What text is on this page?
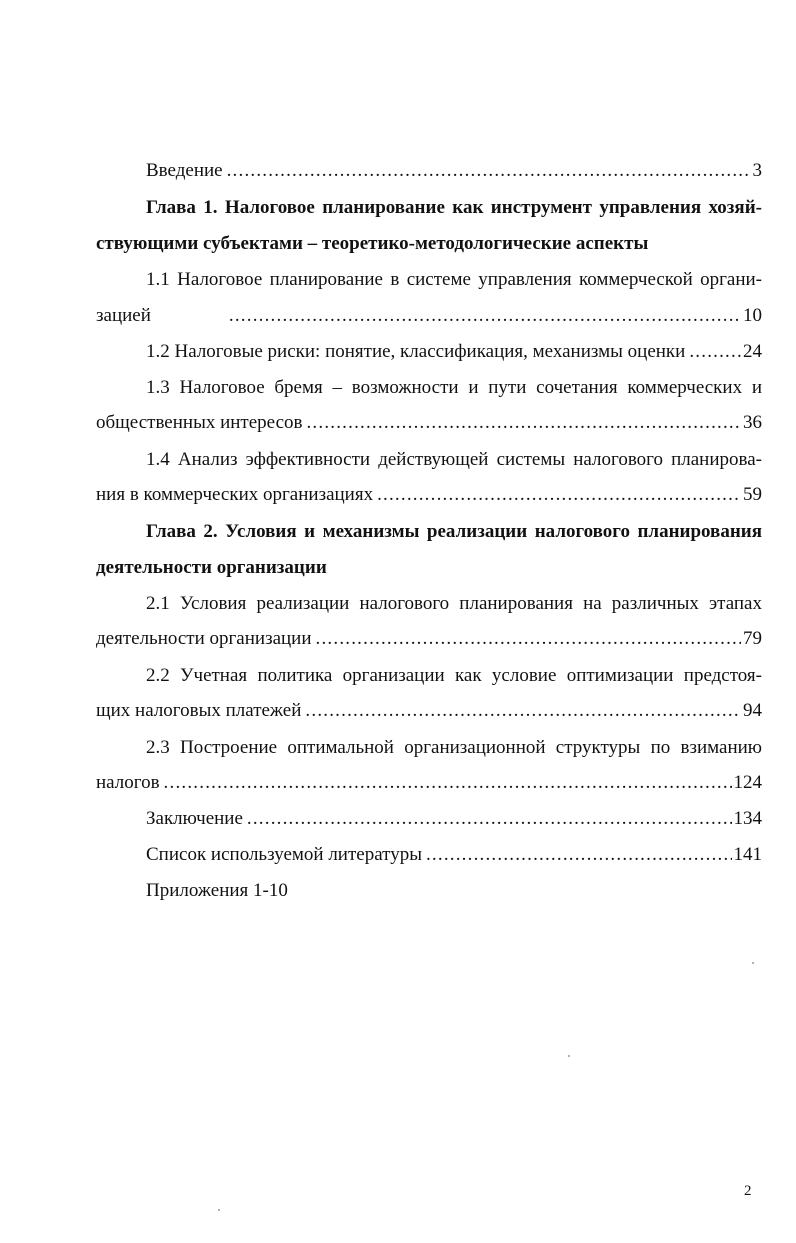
Введение .....	3
Глава 1. Налоговое планирование как инструмент управления хозяй-
ствующими субъектами – теоретико-методологические аспекты
1.1 Налоговое планирование в системе управления коммерческой органи-
зацией .....	10
1.2 Налоговые риски: понятие, классификация, механизмы оценки .....	24
1.3 Налоговое бремя – возможности и пути сочетания коммерческих и
общественных интересов .....	36
1.4 Анализ эффективности действующей системы налогового планирова-
ния в коммерческих организациях .....	59
Глава 2. Условия и механизмы реализации налогового планирования
деятельности организации
2.1 Условия реализации налогового планирования на различных этапах
деятельности организации .....	79
2.2 Учетная политика организации как условие оптимизации предстоя-
щих налоговых платежей .....	94
2.3 Построение оптимальной организационной структуры по взиманию
налогов .....	124
Заключение .....	134
Список используемой литературы .....	141
Приложения 1-10
2
